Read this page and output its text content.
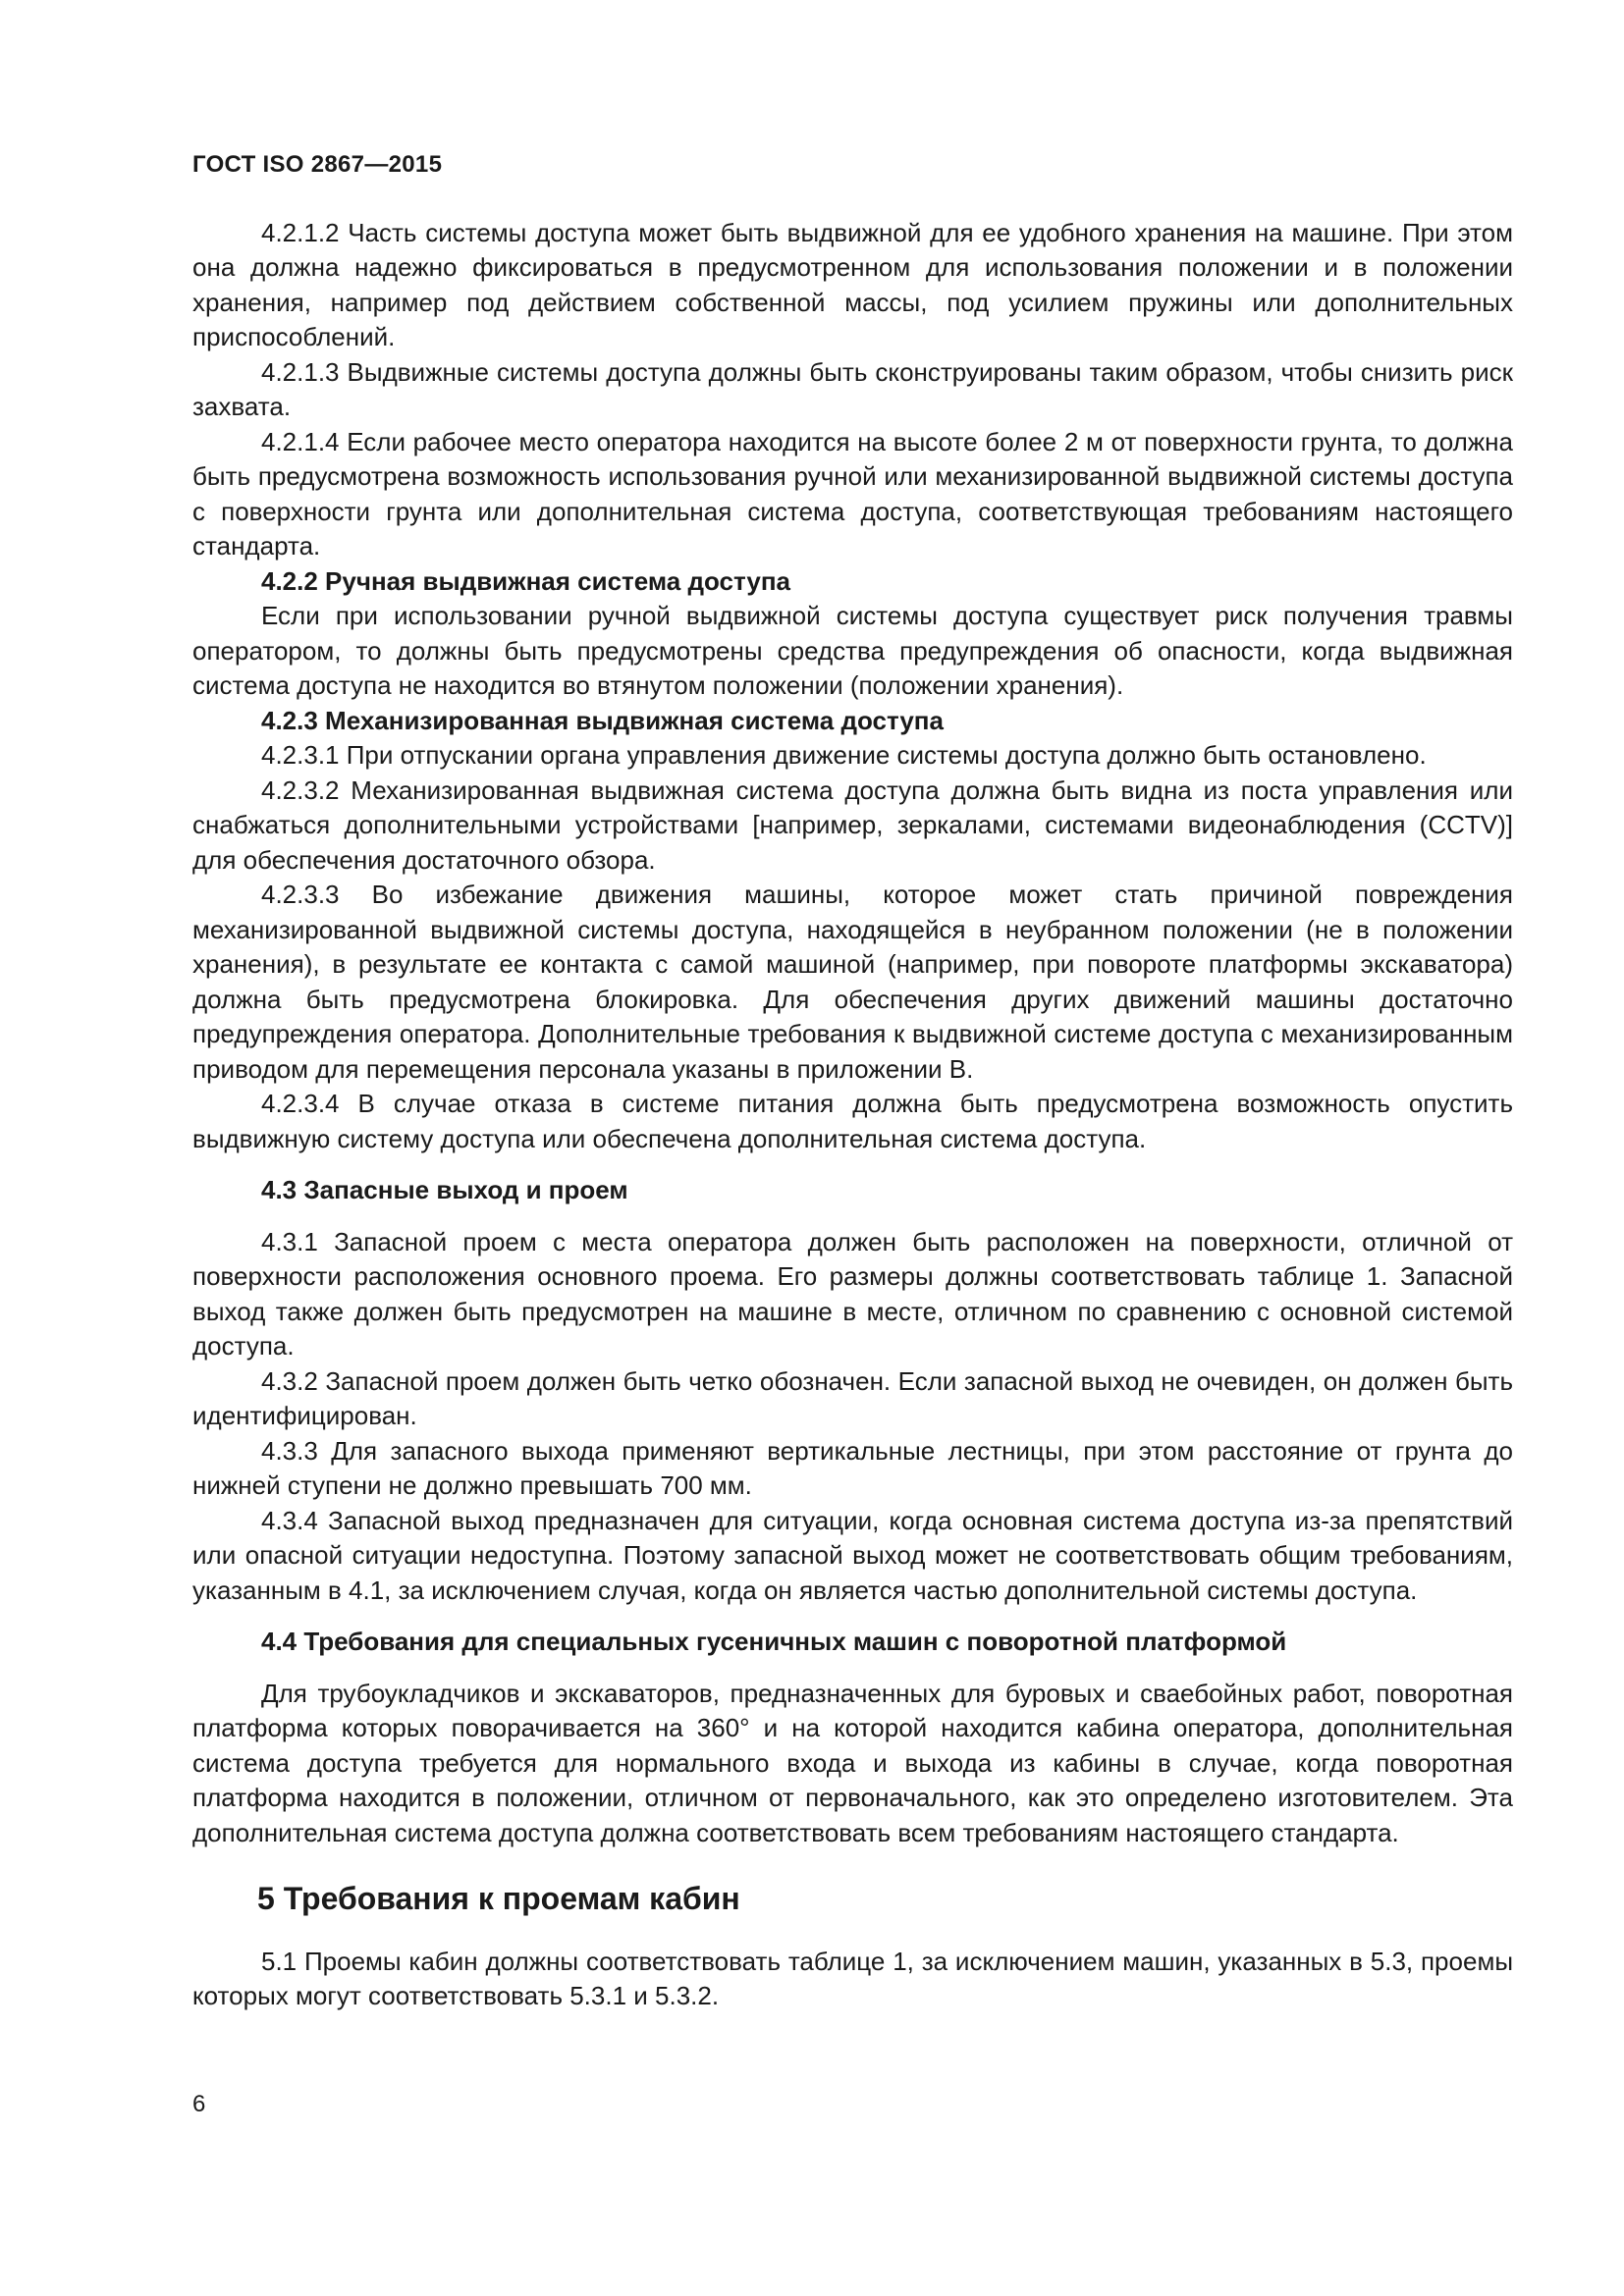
ГОСТ ISO 2867—2015
4.2.1.2 Часть системы доступа может быть выдвижной для ее удобного хранения на машине. При этом она должна надежно фиксироваться в предусмотренном для использования положении и в положении хранения, например под действием собственной массы, под усилием пружины или дополнительных приспособлений.
4.2.1.3 Выдвижные системы доступа должны быть сконструированы таким образом, чтобы снизить риск захвата.
4.2.1.4 Если рабочее место оператора находится на высоте более 2 м от поверхности грунта, то должна быть предусмотрена возможность использования ручной или механизированной выдвижной системы доступа с поверхности грунта или дополнительная система доступа, соответствующая требованиям настоящего стандарта.
4.2.2 Ручная выдвижная система доступа
Если при использовании ручной выдвижной системы доступа существует риск получения травмы оператором, то должны быть предусмотрены средства предупреждения об опасности, когда выдвижная система доступа не находится во втянутом положении (положении хранения).
4.2.3 Механизированная выдвижная система доступа
4.2.3.1 При отпускании органа управления движение системы доступа должно быть остановлено.
4.2.3.2 Механизированная выдвижная система доступа должна быть видна из поста управления или снабжаться дополнительными устройствами [например, зеркалами, системами видеонаблюдения (CCTV)] для обеспечения достаточного обзора.
4.2.3.3 Во избежание движения машины, которое может стать причиной повреждения механизированной выдвижной системы доступа, находящейся в неубранном положении (не в положении хранения), в результате ее контакта с самой машиной (например, при повороте платформы экскаватора) должна быть предусмотрена блокировка. Для обеспечения других движений машины достаточно предупреждения оператора. Дополнительные требования к выдвижной системе доступа с механизированным приводом для перемещения персонала указаны в приложении В.
4.2.3.4 В случае отказа в системе питания должна быть предусмотрена возможность опустить выдвижную систему доступа или обеспечена дополнительная система доступа.
4.3 Запасные выход и проем
4.3.1 Запасной проем с места оператора должен быть расположен на поверхности, отличной от поверхности расположения основного проема. Его размеры должны соответствовать таблице 1. Запасной выход также должен быть предусмотрен на машине в месте, отличном по сравнению с основной системой доступа.
4.3.2 Запасной проем должен быть четко обозначен. Если запасной выход не очевиден, он должен быть идентифицирован.
4.3.3 Для запасного выхода применяют вертикальные лестницы, при этом расстояние от грунта до нижней ступени не должно превышать 700 мм.
4.3.4 Запасной выход предназначен для ситуации, когда основная система доступа из-за препятствий или опасной ситуации недоступна. Поэтому запасной выход может не соответствовать общим требованиям, указанным в 4.1, за исключением случая, когда он является частью дополнительной системы доступа.
4.4 Требования для специальных гусеничных машин с поворотной платформой
Для трубоукладчиков и экскаваторов, предназначенных для буровых и сваебойных работ, поворотная платформа которых поворачивается на 360° и на которой находится кабина оператора, дополнительная система доступа требуется для нормального входа и выхода из кабины в случае, когда поворотная платформа находится в положении, отличном от первоначального, как это определено изготовителем. Эта дополнительная система доступа должна соответствовать всем требованиям настоящего стандарта.
5 Требования к проемам кабин
5.1 Проемы кабин должны соответствовать таблице 1, за исключением машин, указанных в 5.3, проемы которых могут соответствовать 5.3.1 и 5.3.2.
6
